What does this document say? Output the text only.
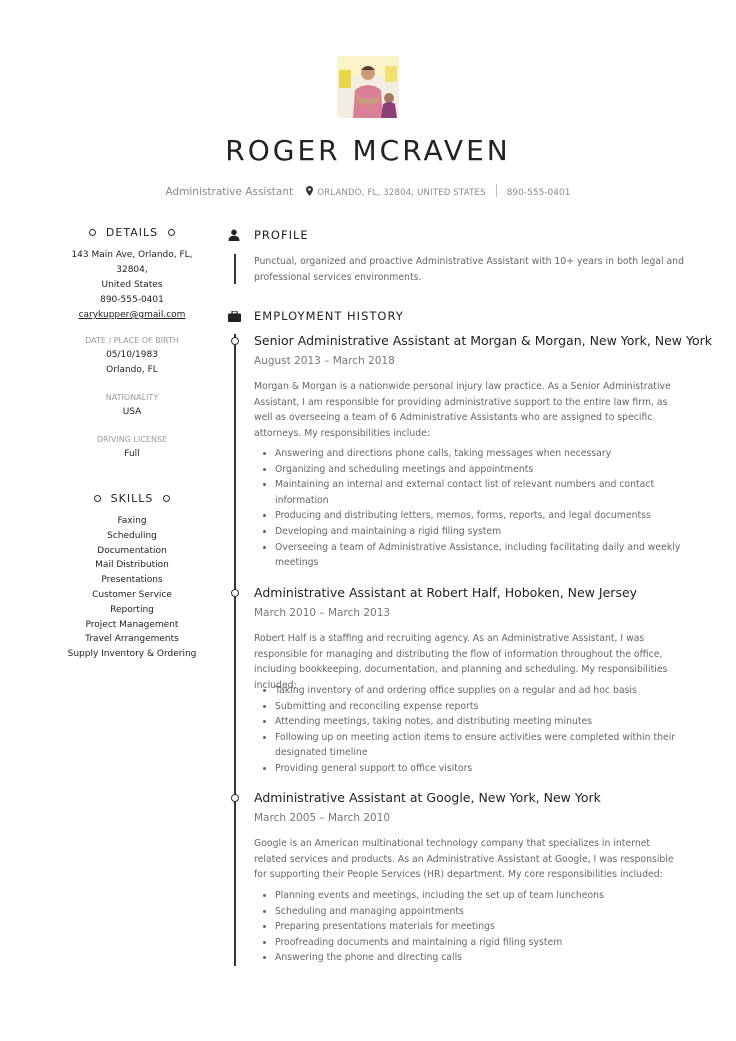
ROGER MCRAVEN
Administrative Assistant	ORLANDO, FL, 32804, UNITED STATES 890-555-0401
DETAILS
143 Main Ave, Orlando, FL, 32804,
United States
890-555-0401
carykupper@gmail.com
DATE / PLACE OF BIRTH
05/10/1983
Orlando, FL
NATIONALITY
USA
DRIVING LICENSE
Full
SKILLS
Faxing
Scheduling
Documentation
Mail Distribution
Presentations
Customer Service
Reporting
Project Management
Travel Arrangements
Supply Inventory & Ordering
PROFILE
Punctual, organized and proactive Administrative Assistant with 10+ years in both legal and professional services environments.
EMPLOYMENT HISTORY
Senior Administrative Assistant at Morgan & Morgan, New York, New York
August 2013 – March 2018
Morgan & Morgan is a nationwide personal injury law practice. As a Senior Administrative Assistant, I am responsible for providing administrative support to the entire law firm, as well as overseeing a team of 6 Administrative Assistants who are assigned to specific attorneys. My responsibilities include:
• Answering and directions phone calls, taking messages when necessary
• Organizing and scheduling meetings and appointments
• Maintaining an internal and external contact list of relevant numbers and contact information
• Producing and distributing letters, memos, forms, reports, and legal documentss
• Developing and maintaining a rigid filing system
• Overseeing a team of Administrative Assistance, including facilitating daily and weekly meetings
Administrative Assistant at Robert Half, Hoboken, New Jersey
March 2010 – March 2013
Robert Half is a staffing and recruiting agency. As an Administrative Assistant, I was responsible for managing and distributing the flow of information throughout the office, including bookkeeping, documentation, and planning and scheduling. My responsibilities included:
• Taking inventory of and ordering office supplies on a regular and ad hoc basis
• Submitting and reconciling expense reports
• Attending meetings, taking notes, and distributing meeting minutes
• Following up on meeting action items to ensure activities were completed within their designated timeline
• Providing general support to office visitors
Administrative Assistant at Google, New York, New York
March 2005 – March 2010
Google is an American multinational technology company that specializes in internet related services and products. As an Administrative Assistant at Google, I was responsible for supporting their People Services (HR) department. My core responsibilities included:
• Planning events and meetings, including the set up of team luncheons
• Scheduling and managing appointments
• Preparing presentations materials for meetings
• Proofreading documents and maintaining a rigid filing system
• Answering the phone and directing calls
